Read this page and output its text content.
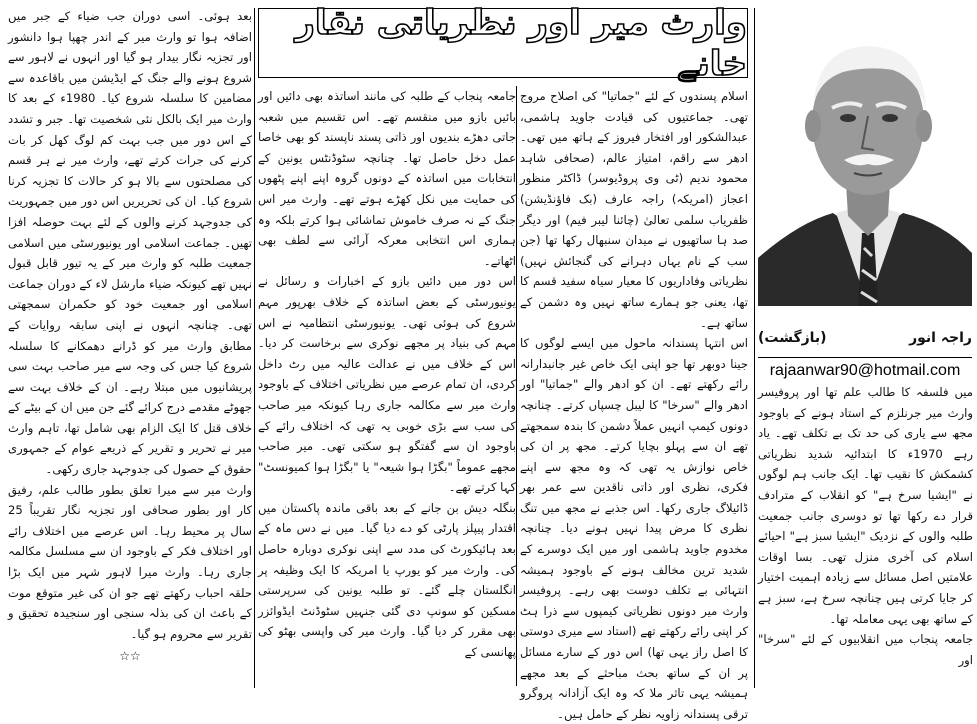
وارث میر اور نظریاتی نقار خانے
راجہ انور
(بازگشت)
rajaanwar90@hotmail.com

میں فلسفہ کا طالب علم تھا اور پروفیسر وارث میر جرنلزم کے استاد ہونے کے باوجود مجھ سے یاری کی حد تک بے تکلف تھے۔ یاد رہے 1970ء کا ابتدائیہ شدید نظریاتی کشمکش کا نقیب تھا۔ ایک جانب ہم لوگوں نے "ایشیا سرخ ہے" کو انقلاب کے مترادف قرار دے رکھا تھا تو دوسری جانب جمعیت طلبہ والوں کے نزدیک "ایشیا سبز ہے" احیائے اسلام کی آخری منزل تھی۔ بسا اوقات علامتیں اصل مسائل سے زیادہ اہمیت اختیار کر جایا کرتی ہیں چنانچہ سرخ ہے، سبز ہے کے ساتھ بھی یہی معاملہ تھا۔

جامعہ پنجاب میں انقلابیوں کے لئے "سرخا" اور

اسلام پسندوں کے لئے "جماتیا" کی اصلاح مروج تھی۔ جماعتیوں کی قیادت جاوید ہاشمی، عبدالشکور اور افتخار فیروز کے ہاتھ میں تھی۔ ادھر سے راقم، امتیاز عالم، (صحافی شاہد محمود ندیم (ٹی وی پروڈیوسر) ڈاکٹر منظور اعجاز (امریکہ) راجہ عارف (بک فاؤنڈیشن) ظفریاب سلمی تعالیٰ (چائنا لیبر فیم) اور دیگر صد ہا ساتھیوں نے میدان سنبھال رکھا تھا (جن سب کے نام یہاں دہرانے کی گنجائش نہیں) نظریاتی وفاداریوں کا معیار سیاہ سفید قسم کا تھا، یعنی جو ہمارے ساتھ نہیں وہ دشمن کے ساتھ ہے۔

اس انتہا پسندانہ ماحول میں ایسے لوگوں کا جینا دوبھر تھا جو اپنی ایک خاص غیر جانبدارانہ رائے رکھتے تھے۔ ان کو ادھر والے "جماتیا" اور ادھر والے "سرخا" کا لیبل چسپاں کرتے۔ چنانچہ دونوں کیمپ انہیں عملاً دشمن کا بندہ سمجھتے تھے ان سے پہلو بچایا کرتے۔ مجھ پر ان کی خاص نوازش یہ تھی کہ وہ مجھ سے اپنے فکری، نظری اور ذاتی ناقدین سے عمر بھر ڈائیلاگ جاری رکھا۔ اس جذبے نے مجھ میں تنگ نظری کا مرض پیدا نہیں ہونے دیا۔ چنانچہ مخدوم جاوید ہاشمی اور میں ایک دوسرے کے شدید ترین مخالف ہونے کے باوجود ہمیشہ انتہائی بے تکلف دوست بھی رہے۔ پروفیسر وارث میر دونوں نظریاتی کیمپوں سے ذرا ہٹ کر اپنی رائے رکھتے تھے (استاد سے میری دوستی کا اصل راز یہی تھا) اس دور کے سارے مسائل پر ان کے ساتھ بحث مباحثے کے بعد مجھے ہمیشہ یہی تاثر ملا کہ وہ ایک آزادانہ پروگرو ترقی پسندانہ زاویہ نظر کے حامل ہیں۔

جامعہ پنجاب کے طلبہ کی مانند اساتذہ بھی دائیں اور بائیں بازو میں منقسم تھے۔ اس تقسیم میں شعبہ جاتی دھڑے بندیوں اور ذاتی پسند ناپسند کو بھی خاصا عمل دخل حاصل تھا۔ چنانچہ سٹوڈنٹس یونین کے انتخابات میں اساتذہ کے دونوں گروہ اپنے اپنے پٹھوں کی حمایت میں نکل کھڑے ہوتے تھے۔ وارث میر اس جنگ کے نہ صرف خاموش تماشائی ہوا کرتے بلکہ وہ ہماری اس انتخابی معرکہ آرائی سے لطف بھی اٹھاتے۔

اس دور میں دائیں بازو کے اخبارات و رسائل نے یونیورسٹی کے بعض اساتذہ کے خلاف بھرپور مہم شروع کی ہوئی تھی۔ یونیورسٹی انتظامیہ نے اس مہم کی بنیاد پر مجھے نوکری سے برخاست کر دیا۔ اس کے خلاف میں نے عدالت عالیہ میں رٹ داخل کردی، ان تمام عرصے میں نظریاتی اختلاف کے باوجود وارث میر سے مکالمہ جاری رہا کیونکہ میر صاحب کی سب سے بڑی خوبی یہ تھی کہ اختلاف رائے کے باوجود ان سے گفتگو ہو سکتی تھی۔ میر صاحب مجھے عموماً "بگڑا ہوا شیعہ" یا "بگڑا ہوا کمیونسٹ" کہا کرتے تھے۔

بنگلہ دیش بن جانے کے بعد باقی ماندہ پاکستان میں اقتدار پیپلز پارٹی کو دے دیا گیا۔ میں نے دس ماہ کے بعد ہائیکورٹ کی مدد سے اپنی نوکری دوبارہ حاصل کی۔ وارث میر کو یورپ یا امریکہ کا ایک وظیفہ پر انگلستان چلے گئے۔ تو طلبہ یونین کی سرپرستی مسکین کو سونپ دی گئی جنہیں سٹوڈنٹ ایڈوائزر بھی مقرر کر دیا گیا۔ وارث میر کی واپسی بھٹو کی پھانسی کے

بعد ہوئی۔ اسی دوران جب ضیاء کے جبر میں اضافہ ہوا تو وارث میر کے اندر چھپا ہوا دانشور اور تجزیہ نگار بیدار ہو گیا اور انہوں نے لاہور سے شروع ہونے والے جنگ کے ایڈیشن میں باقاعدہ سے مضامین کا سلسلہ شروع کیا۔ 1980ء کے بعد کا وارث میر ایک بالکل نئی شخصیت تھا۔ جبر و تشدد کے اس دور میں جب بہت کم لوگ کھل کر بات کرنے کی جرات کرتے تھے، وارث میر نے ہر قسم کی مصلحتوں سے بالا ہو کر حالات کا تجزیہ کرنا شروع کیا۔ ان کی تحریریں اس دور میں جمہوریت کی جدوجہد کرنے والوں کے لئے بہت حوصلہ افزا تھیں۔ جماعت اسلامی اور یونیورسٹی میں اسلامی جمعیت طلبہ کو وارث میر کے یہ تیور قابل قبول نہیں تھے کیونکہ ضیاء مارشل لاء کے دوران جماعت اسلامی اور جمعیت خود کو حکمران سمجھتی تھی۔ چنانچہ انہوں نے اپنی سابقہ روایات کے مطابق وارث میر کو ڈرانے دھمکانے کا سلسلہ شروع کیا جس کی وجہ سے میر صاحب بہت سی پریشانیوں میں مبتلا رہے۔ ان کے خلاف بہت سے جھوٹے مقدمے درج کرائے گئے جن میں ان کے بیٹے کے خلاف قتل کا ایک الزام بھی شامل تھا، تاہم وارث میر نے تحریر و تقریر کے ذریعے عوام کے جمہوری حقوق کے حصول کی جدوجہد جاری رکھی۔

وارث میر سے میرا تعلق بطور طالب علم، رفیق کار اور بطور صحافی اور تجزیہ نگار تقریباً 25 سال پر محیط رہا۔ اس عرصے میں اختلاف رائے اور اختلاف فکر کے باوجود ان سے مسلسل مکالمہ جاری رہا۔ وارث میرا لاہور شہر میں ایک بڑا حلقہ احباب رکھتے تھے جو ان کی غیر متوقع موت کے باعث ان کی بذلہ سنجی اور سنجیدہ تحقیق و تقریر سے محروم ہو گیا۔

☆☆
